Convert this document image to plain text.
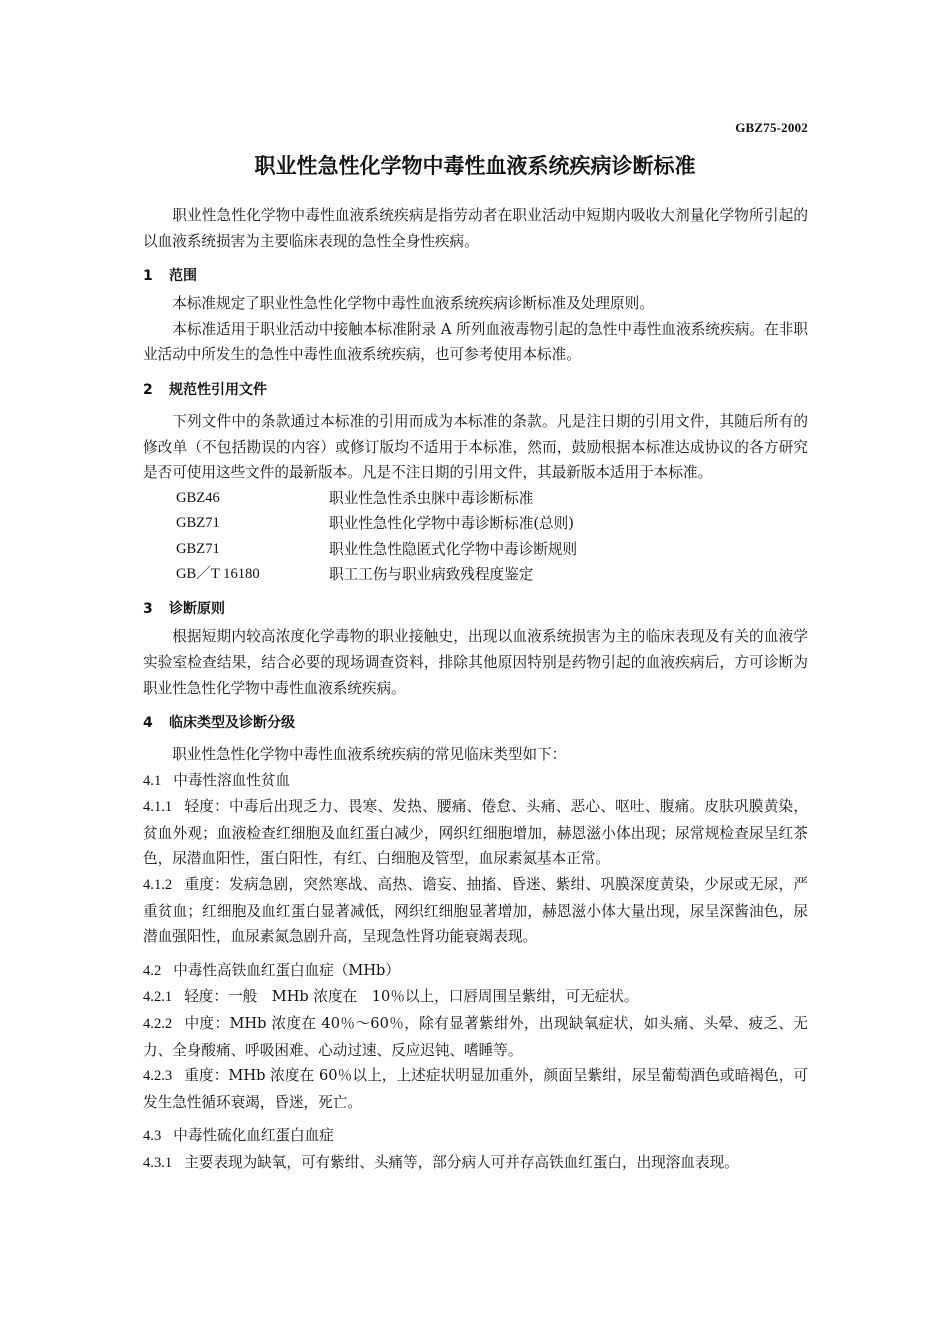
GBZ75-2002
职业性急性化学物中毒性血液系统疾病诊断标准

职业性急性化学物中毒性血液系统疾病是指劳动者在职业活动中短期内吸收大剂量化学物所引起的以血液系统损害为主要临床表现的急性全身性疾病。

1 范围

本标准规定了职业性急性化学物中毒性血液系统疾病诊断标准及处理原则。

本标准适用于职业活动中接触本标准附录 A 所列血液毒物引起的急性中毒性血液系统疾病。在非职业活动中所发生的急性中毒性血液系统疾病，也可参考使用本标准。

2 规范性引用文件

下列文件中的条款通过本标准的引用而成为本标准的条款。凡是注日期的引用文件，其随后所有的修改单（不包括勘误的内容）或修订版均不适用于本标准，然而，鼓励根据本标准达成协议的各方研究是否可使用这些文件的最新版本。凡是不注日期的引用文件，其最新版本适用于本标准。

GBZ46	职业性急性杀虫脒中毒诊断标准
GBZ71	职业性急性化学物中毒诊断标准(总则)
GBZ71	职业性急性隐匿式化学物中毒诊断规则
GB／T 16180	职工工伤与职业病致残程度鉴定
3 诊断原则

根据短期内较高浓度化学毒物的职业接触史，出现以血液系统损害为主的临床表现及有关的血液学实验室检查结果，结合必要的现场调查资料，排除其他原因特别是药物引起的血液疾病后，方可诊断为职业性急性化学物中毒性血液系统疾病。

4 临床类型及诊断分级

职业性急性化学物中毒性血液系统疾病的常见临床类型如下：

4.1 中毒性溶血性贫血

4.1.1 轻度：中毒后出现乏力、畏寒、发热、腰痛、倦怠、头痛、恶心、呕吐、腹痛。皮肤巩膜黄染，贫血外观；血液检查红细胞及血红蛋白减少，网织红细胞增加，赫恩滋小体出现；尿常规检查尿呈红茶色，尿潜血阳性，蛋白阳性，有红、白细胞及管型，血尿素氮基本正常。

4.1.2 重度：发病急剧，突然寒战、高热、谵妄、抽搐、昏迷、紫绀、巩膜深度黄染，少尿或无尿，严重贫血；红细胞及血红蛋白显著减低，网织红细胞显著增加，赫恩滋小体大量出现，尿呈深酱油色，尿潜血强阳性，血尿素氮急剧升高，呈现急性肾功能衰竭表现。

4.2 中毒性高铁血红蛋白血症（MHb）

4.2.1 轻度：一般　MHb 浓度在　10％以上，口唇周围呈紫绀，可无症状。

4.2.2 中度：MHb 浓度在 40％～60％，除有显著紫绀外，出现缺氧症状，如头痛、头晕、疲乏、无力、全身酸痛、呼吸困难、心动过速、反应迟钝、嗜睡等。

4.2.3 重度：MHb 浓度在 60％以上，上述症状明显加重外，颜面呈紫绀，尿呈葡萄酒色或暗褐色，可发生急性循环衰竭，昏迷，死亡。

4.3 中毒性硫化血红蛋白血症

4.3.1 主要表现为缺氧，可有紫绀、头痛等，部分病人可并存高铁血红蛋白，出现溶血表现。
